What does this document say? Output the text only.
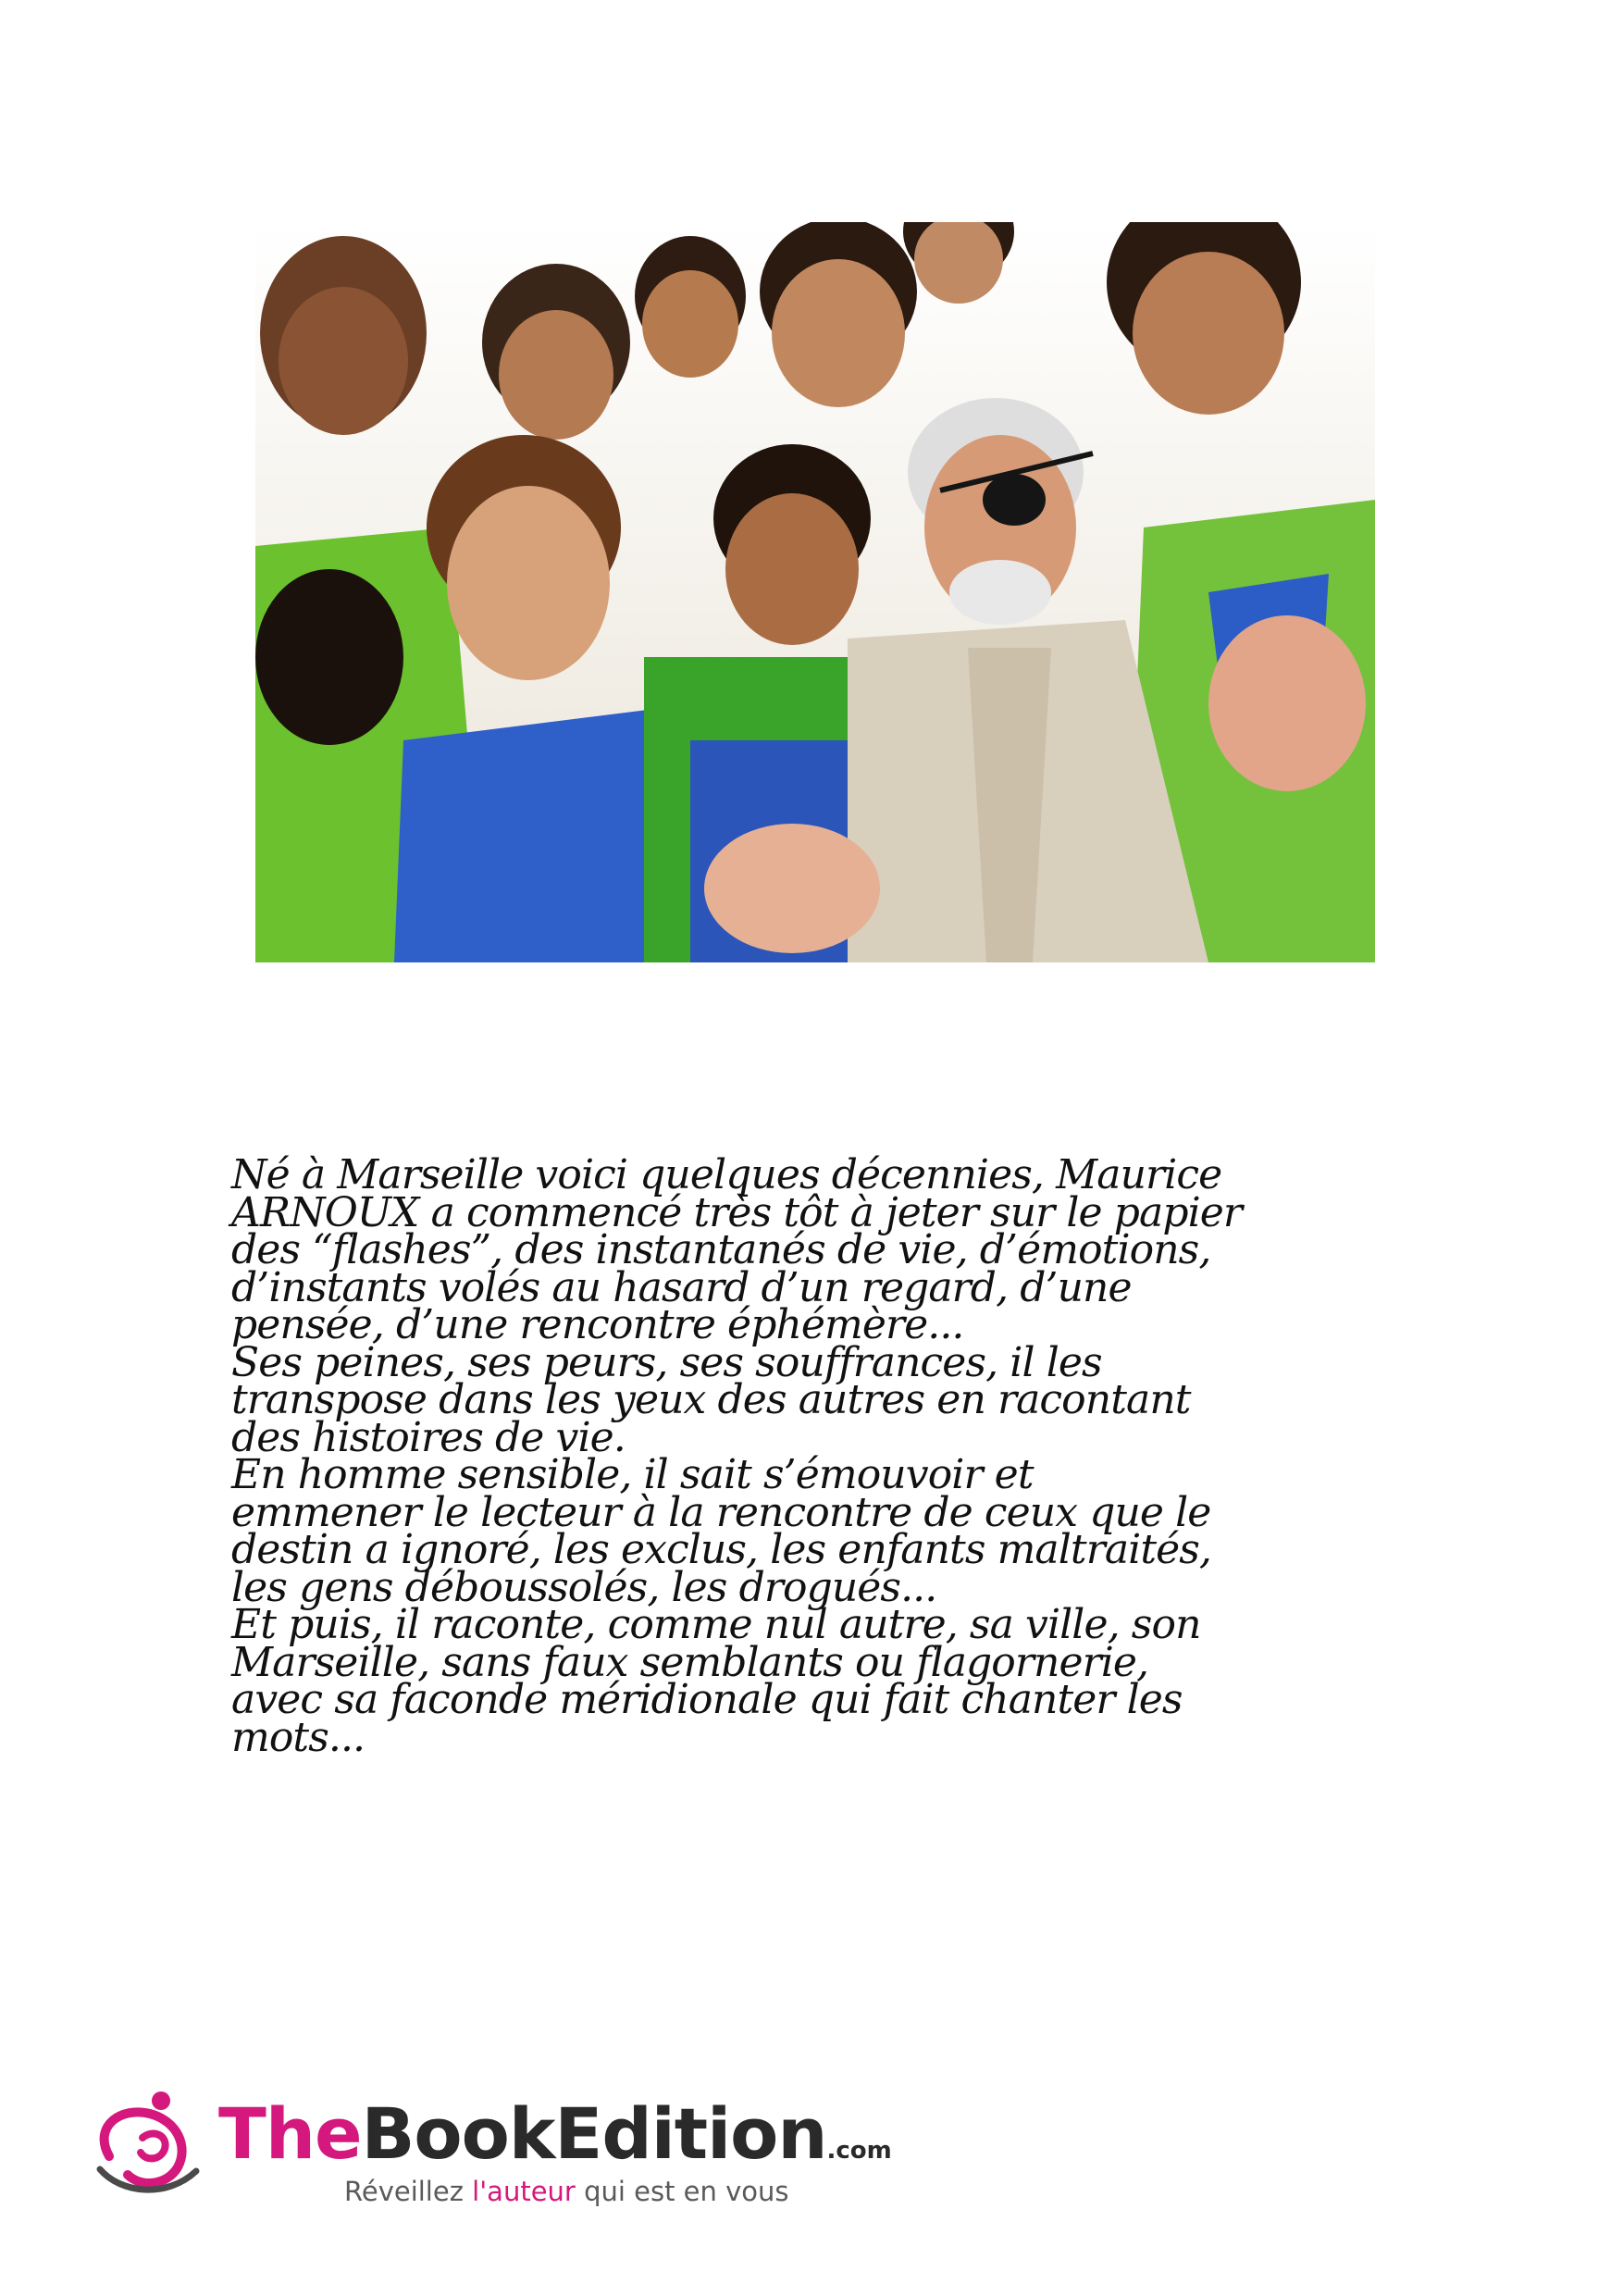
Né à Marseille voici quelques décennies, Maurice
ARNOUX a commencé très tôt à jeter sur le papier
des “flashes”, des instantanés de vie, d’émotions,
d’instants volés au hasard d’un regard, d’une
pensée, d’une rencontre éphémère...
Ses peines, ses peurs, ses souffrances, il les
transpose dans les yeux des autres en racontant
des histoires de vie.
En homme sensible, il sait s’émouvoir et
emmener le lecteur à la rencontre de ceux que le
destin a ignoré, les exclus, les enfants maltraités,
les gens déboussolés, les drogués...
Et puis, il raconte, comme nul autre, sa ville, son
Marseille, sans faux semblants ou flagornerie,
avec sa faconde méridionale qui fait chanter les
mots...
TheBookEdition.com
Réveillez l'auteur qui est en vous
